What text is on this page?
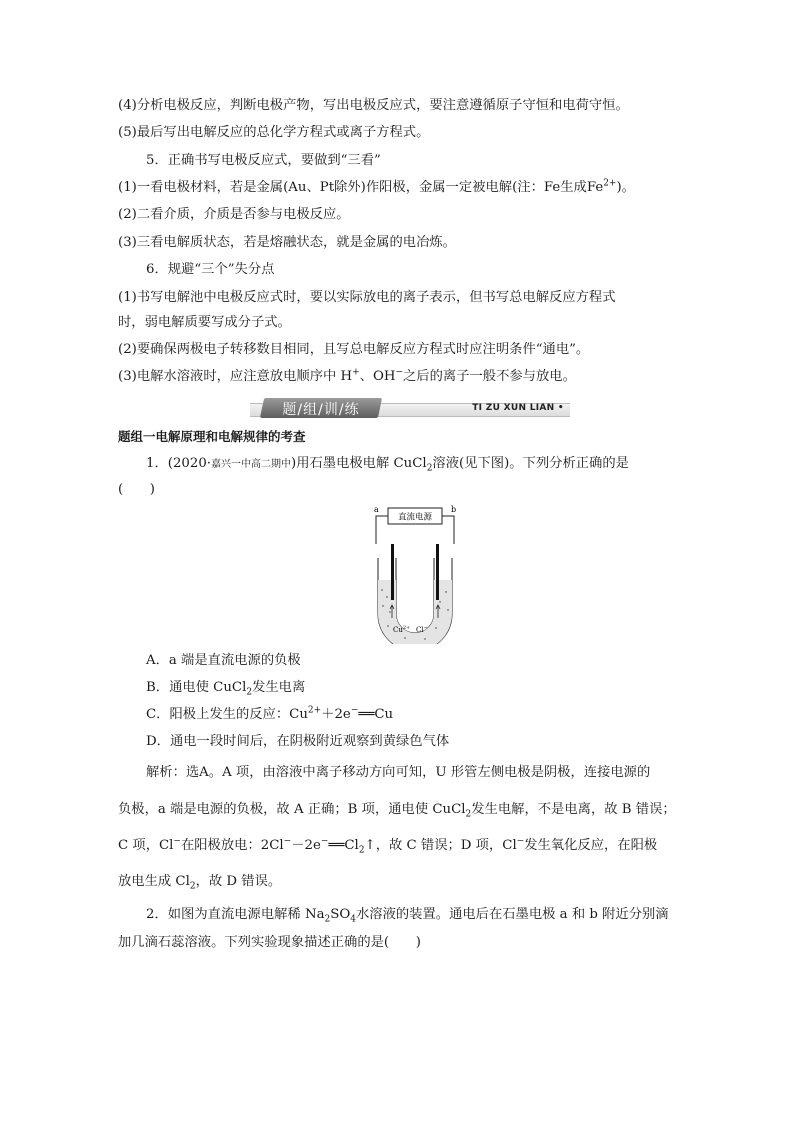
(4)分析电极反应，判断电极产物，写出电极反应式，要注意遵循原子守恒和电荷守恒。
(5)最后写出电解反应的总化学方程式或离子方程式。
5．正确书写电极反应式，要做到“三看”
(1)一看电极材料，若是金属(Au、Pt除外)作阳极，金属一定被电解(注：Fe生成$Fe^{2+}$)。
(2)二看介质，介质是否参与电极反应。
(3)三看电解质状态，若是熔融状态，就是金属的电冶炼。
6．规避“三个”失分点
(1)书写电解池中电极反应式时，要以实际放电的离子表示，但书写总电解反应方程式
时，弱电解质要写成分子式。
(2)要确保两极电子转移数目相同，且写总电解反应方程式时应注明条件“通电”。
(3)电解水溶液时，应注意放电顺序中 H+、OH−之后的离子一般不参与放电。
题/组/训/练	TI ZU XUN LIAN •
题组一电解原理和电解规律的考查
1．(2020·嘉兴一中高二期中)用石墨电极电解 CuCl$_2$溶液(见下图)。下列分析正确的是
(　　)
a	b
直流电源
$Cu^{2+}$ Cl−
A．a 端是直流电源的负极
B．通电使 CuCl$_2$发生电离
C．阳极上发生的反应：$Cu^{2+}+2e^-══Cu$
D．通电一段时间后，在阴极附近观察到黄绿色气体
解析：选A。A 项，由溶液中离子移动方向可知，U 形管左侧电极是阴极，连接电源的
负极，a 端是电源的负极，故 A 正确；B 项，通电使 CuCl$_2$发生电解，不是电离，故 B 错误；
C 项，Cl−在阳极放电：$2Cl^--2e^-══Cl_2↑$，故 C 错误；D 项，Cl−发生氧化反应，在阳极
放电生成 $Cl_2$，故 D 错误。
2．如图为直流电源电解稀 $Na_2SO_4$水溶液的装置。通电后在石墨电极 a 和 b 附近分别滴
加几滴石蕊溶液。下列实验现象描述正确的是(　　)
